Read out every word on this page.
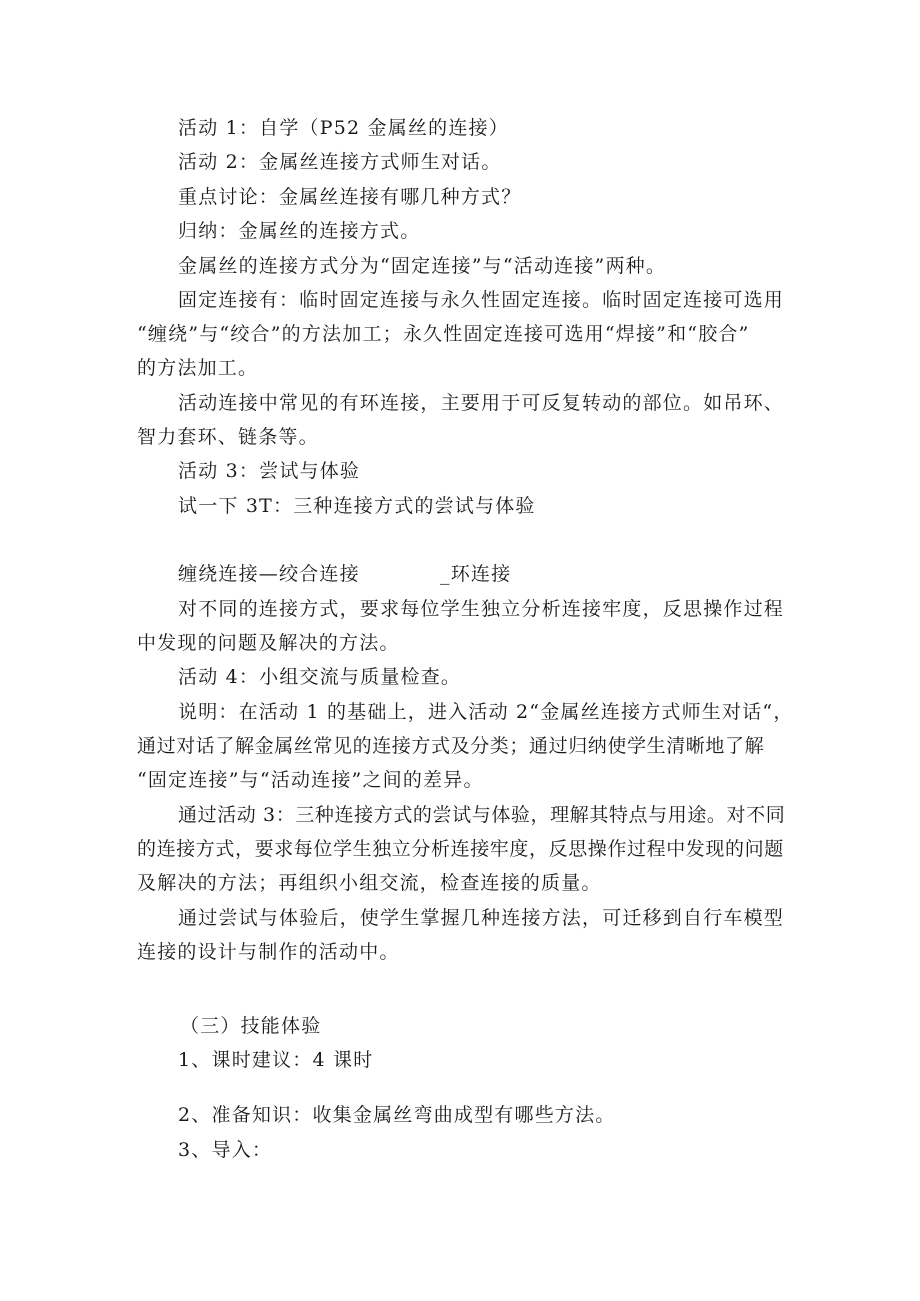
活动 1：自学（P52 金属丝的连接）
活动 2：金属丝连接方式师生对话。
重点讨论：金属丝连接有哪几种方式？
归纳：金属丝的连接方式。
金属丝的连接方式分为“固定连接”与“活动连接”两种。
固定连接有：临时固定连接与永久性固定连接。临时固定连接可选用
“缠绕”与“绞合”的方法加工；永久性固定连接可选用“焊接”和“胶合”
的方法加工。
活动连接中常见的有环连接，主要用于可反复转动的部位。如吊环、
智力套环、链条等。
活动 3：尝试与体验
试一下 3T：三种连接方式的尝试与体验
缠绕连接—绞合连接	_环连接
对不同的连接方式，要求每位学生独立分析连接牢度，反思操作过程
中发现的问题及解决的方法。
活动 4：小组交流与质量检查。
说明：在活动 1 的基础上，进入活动 2“金属丝连接方式师生对话“，
通过对话了解金属丝常见的连接方式及分类；通过归纳使学生清晰地了解
“固定连接”与“活动连接”之间的差异。
通过活动 3：三种连接方式的尝试与体验，理解其特点与用途。对不同
的连接方式，要求每位学生独立分析连接牢度，反思操作过程中发现的问题
及解决的方法；再组织小组交流，检查连接的质量。
通过尝试与体验后，使学生掌握几种连接方法，可迁移到自行车模型
连接的设计与制作的活动中。
（三）技能体验
1、课时建议：4 课时
2、准备知识：收集金属丝弯曲成型有哪些方法。
3、导入：
